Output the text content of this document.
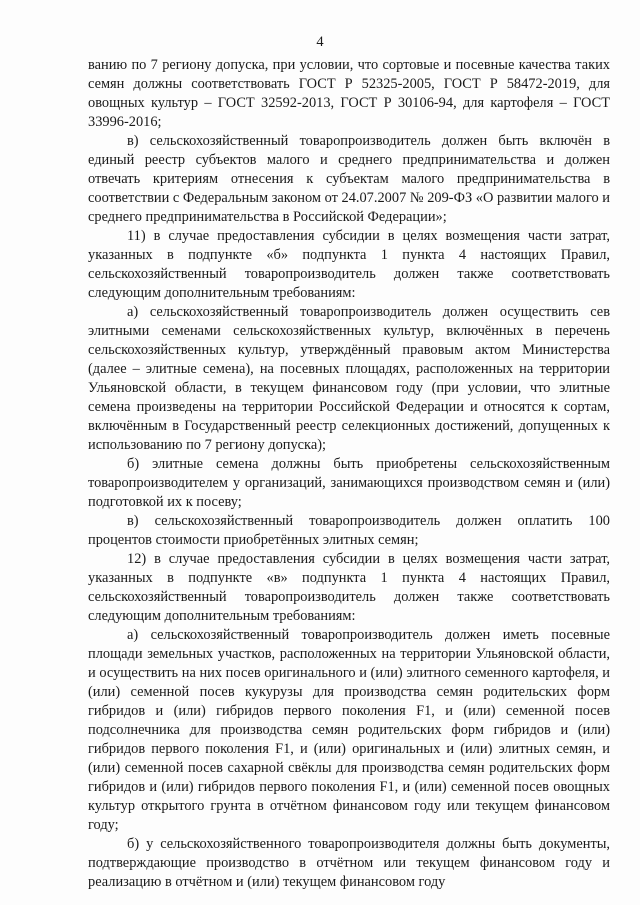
4

ванию по 7 региону допуска, при условии, что сортовые и посевные качества таких семян должны соответствовать ГОСТ Р 52325-2005, ГОСТ Р 58472-2019, для овощных культур – ГОСТ 32592-2013, ГОСТ Р 30106-94, для картофеля – ГОСТ 33996-2016;

в) сельскохозяйственный товаропроизводитель должен быть включён в единый реестр субъектов малого и среднего предпринимательства и должен отвечать критериям отнесения к субъектам малого предпринимательства в соответствии с Федеральным законом от 24.07.2007 № 209-ФЗ «О развитии малого и среднего предпринимательства в Российской Федерации»;

11) в случае предоставления субсидии в целях возмещения части затрат, указанных в подпункте «б» подпункта 1 пункта 4 настоящих Правил, сельскохозяйственный товаропроизводитель должен также соответствовать следующим дополнительным требованиям:

а) сельскохозяйственный товаропроизводитель должен осуществить сев элитными семенами сельскохозяйственных культур, включённых в перечень сельскохозяйственных культур, утверждённый правовым актом Министерства (далее – элитные семена), на посевных площадях, расположенных на территории Ульяновской области, в текущем финансовом году (при условии, что элитные семена произведены на территории Российской Федерации и относятся к сортам, включённым в Государственный реестр селекционных достижений, допущенных к использованию по 7 региону допуска);

б) элитные семена должны быть приобретены сельскохозяйственным товаропроизводителем у организаций, занимающихся производством семян и (или) подготовкой их к посеву;

в) сельскохозяйственный товаропроизводитель должен оплатить 100 процентов стоимости приобретённых элитных семян;

12) в случае предоставления субсидии в целях возмещения части затрат, указанных в подпункте «в» подпункта 1 пункта 4 настоящих Правил, сельскохозяйственный товаропроизводитель должен также соответствовать следующим дополнительным требованиям:

а) сельскохозяйственный товаропроизводитель должен иметь посевные площади земельных участков, расположенных на территории Ульяновской области, и осуществить на них посев оригинального и (или) элитного семенного картофеля, и (или) семенной посев кукурузы для производства семян родительских форм гибридов и (или) гибридов первого поколения F1, и (или) семенной посев подсолнечника для производства семян родительских форм гибридов и (или) гибридов первого поколения F1, и (или) оригинальных и (или) элитных семян, и (или) семенной посев сахарной свёклы для производства семян родительских форм гибридов и (или) гибридов первого поколения F1, и (или) семенной посев овощных культур открытого грунта в отчётном финансовом году или текущем финансовом году;

б) у сельскохозяйственного товаропроизводителя должны быть документы, подтверждающие производство в отчётном или текущем финансовом году и реализацию в отчётном и (или) текущем финансовом году
